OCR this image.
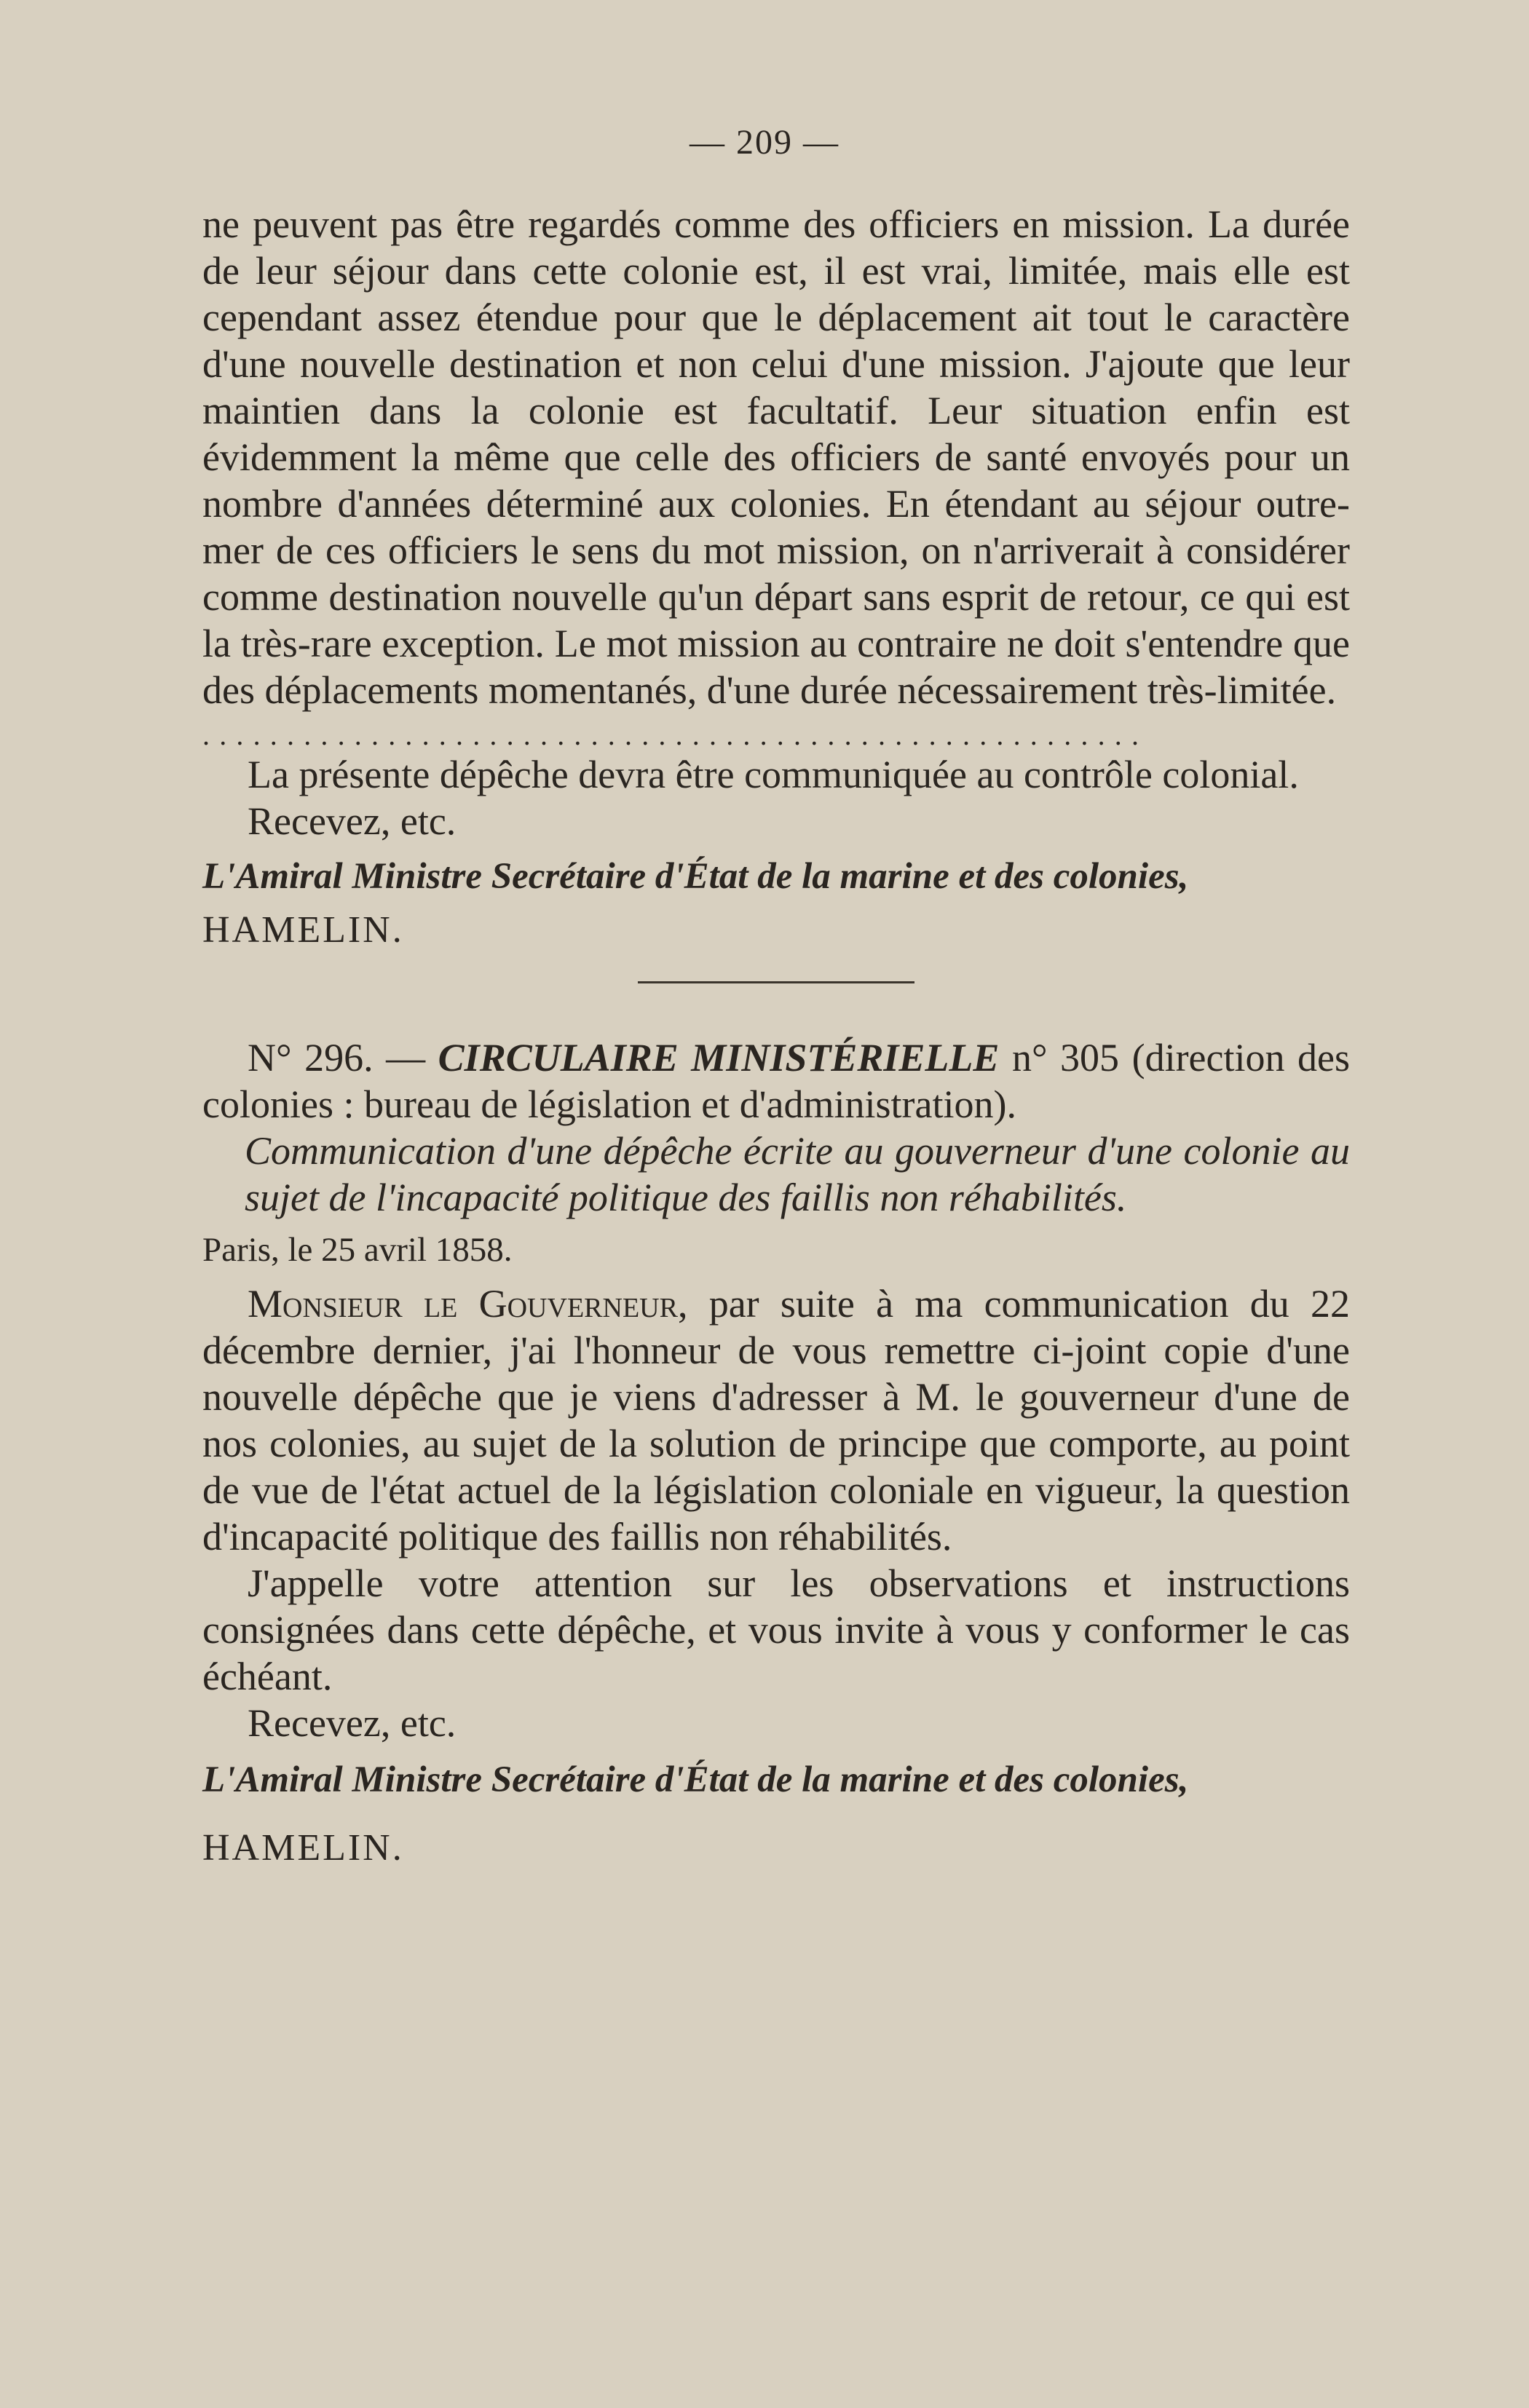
— 209 —

ne peuvent pas être regardés comme des officiers en mission. La durée de leur séjour dans cette colonie est, il est vrai, limitée, mais elle est cependant assez étendue pour que le déplacement ait tout le caractère d'une nouvelle destination et non celui d'une mission. J'ajoute que leur maintien dans la colonie est facultatif. Leur situation enfin est évidemment la même que celle des officiers de santé envoyés pour un nombre d'années déterminé aux colonies. En étendant au séjour outre-mer de ces officiers le sens du mot mission, on n'arriverait à considérer comme destination nouvelle qu'un départ sans esprit de retour, ce qui est la très-rare exception. Le mot mission au contraire ne doit s'entendre que des déplacements momentanés, d'une durée nécessairement très-limitée.

........................................................

La présente dépêche devra être communiquée au contrôle colonial.

Recevez, etc.

L'Amiral Ministre Secrétaire d'État de la marine et des colonies,

HAMELIN.

N° 296. — CIRCULAIRE MINISTÉRIELLE n° 305 (direction des colonies : bureau de législation et d'administration).

Communication d'une dépêche écrite au gouverneur d'une colonie au sujet de l'incapacité politique des faillis non réhabilités.

Paris, le 25 avril 1858.

Monsieur le Gouverneur, par suite à ma communication du 22 décembre dernier, j'ai l'honneur de vous remettre ci-joint copie d'une nouvelle dépêche que je viens d'adresser à M. le gouverneur d'une de nos colonies, au sujet de la solution de principe que comporte, au point de vue de l'état actuel de la législation coloniale en vigueur, la question d'incapacité politique des faillis non réhabilités.

J'appelle votre attention sur les observations et instructions consignées dans cette dépêche, et vous invite à vous y conformer le cas échéant.

Recevez, etc.

L'Amiral Ministre Secrétaire d'État de la marine et des colonies,

HAMELIN.
